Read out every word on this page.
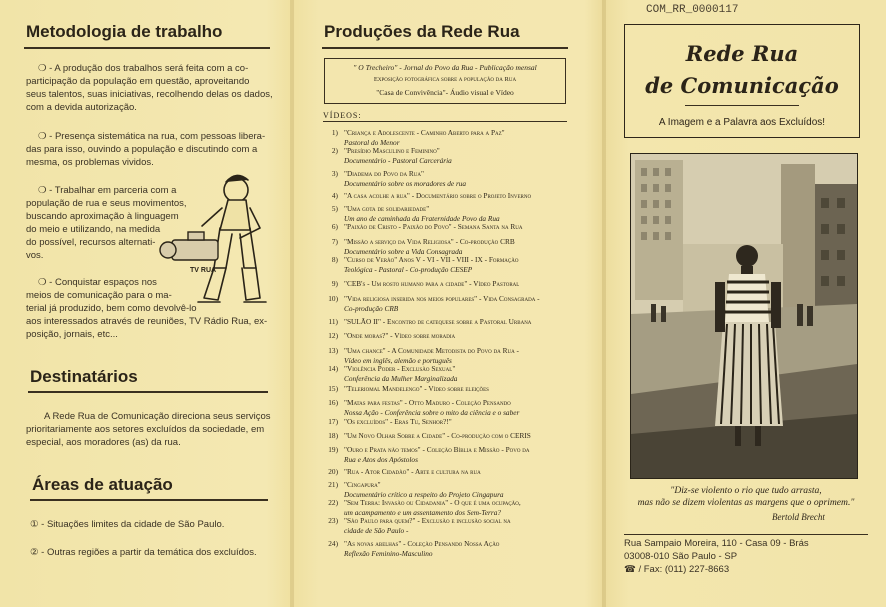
Metodologia de trabalho
❍ - A produção dos trabalhos será feita com a co-
participação da população em questão, aproveitando
seus talentos, suas iniciativas, recolhendo delas os dados,
com a devida autorização.
❍ - Presença sistemática na rua, com pessoas libera-
das para isso, ouvindo a população e discutindo com a
mesma, os problemas vividos.
❍ - Trabalhar em parceria com a
população de rua e seus movimentos,
buscando aproximação à linguagem
do meio e utilizando, na medida
do possível, recursos alternati-
vos.
❍ - Conquistar espaços nos
meios de comunicação para o ma-
terial já produzido, bem como devolvê-lo
aos interessados através de reuniões, TV Rádio Rua, ex-
posição, jornais, etc...
TV RUA
Destinatários
A Rede Rua de Comunicação direciona seus serviços
prioritariamente aos setores excluídos da sociedade, em
especial, aos moradores (as) da rua.
Áreas de atuação
① - Situações limites da cidade de São Paulo.
② - Outras regiões a partir da temática dos excluídos.
Produções da Rede Rua
" O Trecheiro" - Jornal do Povo da Rua - Publicação mensal
Exposição fotográfica sobre a população da Rua
"Casa de Convivência"- Áudio visual e Vídeo
VÍDEOS:
1) "Criança e Adolescente - Caminho Aberto para a Paz"
Pastoral do Menor
2) "Presídio Masculino e Feminino"
Documentário - Pastoral Carcerária
3) "Diadema do Povo da Rua"
Documentário sobre os moradores de rua
4) "A casa acolhe a rua" - Documentário sobre o Projeto Inverno
5) "Uma gota de solidariedade"
Um ano de caminhada da Fraternidade Povo da Rua
6) "Paixão de Cristo - Paixão do Povo" - Semana Santa na Rua
7) "Missão a serviço da Vida Religiosa" - Co-produção CRB
Documentário sobre a Vida Consagrada
8) "Curso de Verão" Anos V - VI - VII - VIII - IX - Formação
Teológica - Pastoral - Co-produção CESEP
9) "CEB's - Um rosto humano para a cidade" - Vídeo Pastoral
10) "Vida religiosa inserida nos meios populares" - Vida Consagrada -
Co-produção CRB
11) "SULÃO II" - Encontro de catequese sobre a Pastoral Urbana
12) "Onde moras?" - Vídeo sobre moradia
13) "Uma chance" - A Comunidade Metodista do Povo da Rua -
Vídeo em inglês, alemão e português
14) "Violência Poder - Exclusão Sexual"
Conferência da Mulher Marginalizada
15) "Teleriomal Mandelengo" - Vídeo sobre eleições
16) "Matas para festas" - Otto Maduro - Coleção Pensando
Nossa Ação - Conferência sobre o mito da ciência e o saber
17) "Os excluídos" - Eras Tu, Senhor?!"
18) "Um Novo Olhar Sobre a Cidade" - Co-produção com o CERIS
19) "Ouro e Prata não temos" - Coleção Bíblia e Missão - Povo da
Rua e Atos dos Apóstolos
20) "Rua - Ator Cidadão" - Arte e cultura na rua
21) "Cingapura"
Documentário crítico a respeito do Projeto Cingapura
22) "Sem Terra: Invasão ou Cidadania" - O que é uma ocupação,
um acampamento e um assentamento dos Sem-Terra?
23) "São Paulo para quem?" - Exclusão e inclusão social na
cidade de São Paulo -
24) "As novas abelhas" - Coleção Pensando Nossa Ação
Reflexão Feminino-Masculino
COM_RR_0000117
Rede Rua
de Comunicação
A Imagem e a Palavra aos Excluídos!
"Diz-se violento o rio que tudo arrasta,
mas não se dizem violentas as margens que o oprimem."
Bertold Brecht
Rua Sampaio Moreira, 110 - Casa 09 - Brás
03008-010 São Paulo - SP
☎ / Fax: (011) 227-8663
